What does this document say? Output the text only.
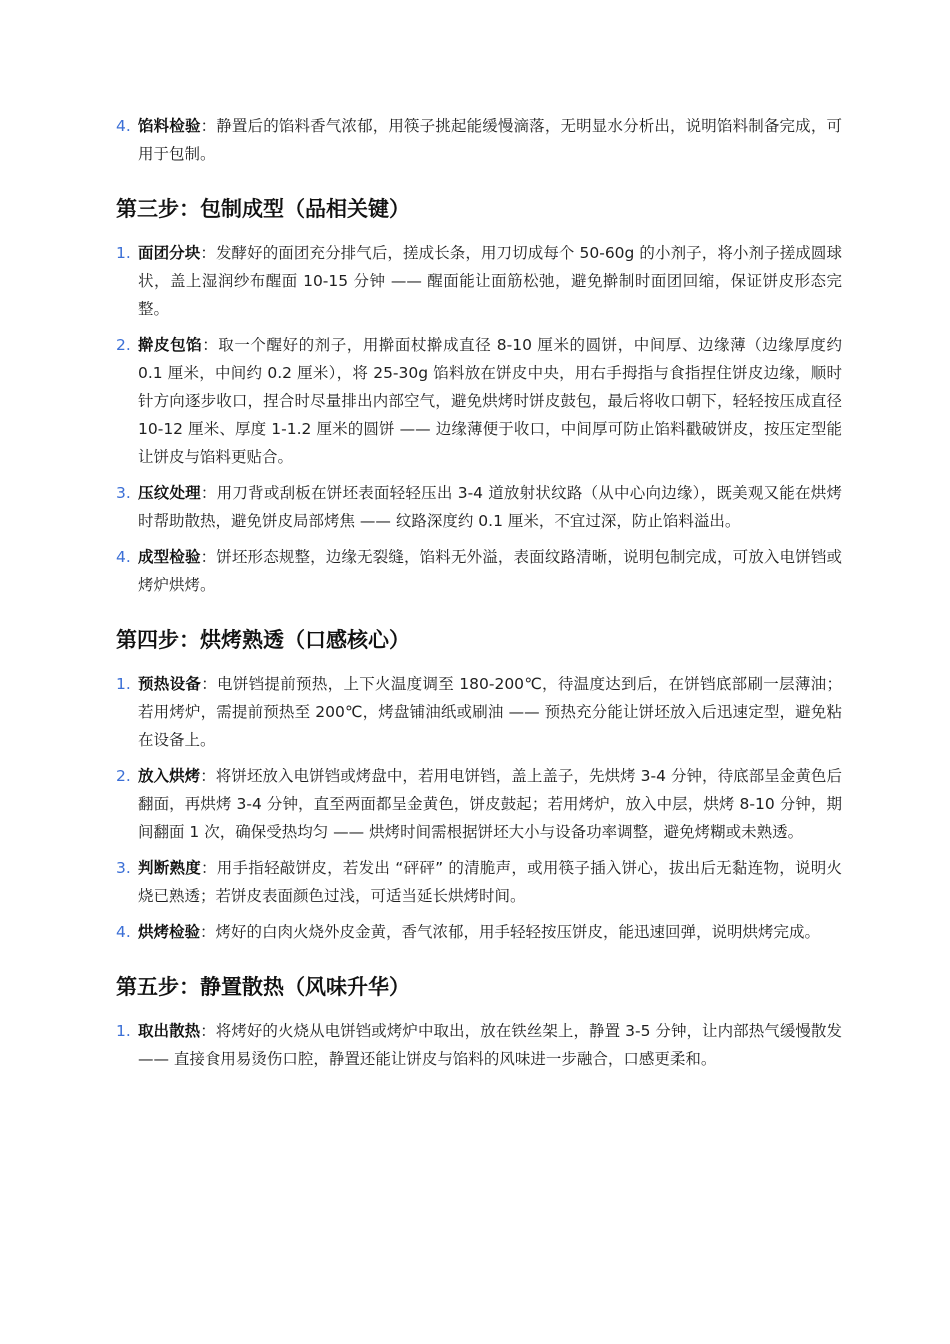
4. 馅料检验：静置后的馅料香气浓郁，用筷子挑起能缓慢滴落，无明显水分析出，说明馅料制备完成，可用于包制。
第三步：包制成型（品相关键）
1. 面团分块：发酵好的面团充分排气后，搓成长条，用刀切成每个 50-60g 的小剂子，将小剂子搓成圆球状，盖上湿润纱布醒面 10-15 分钟 —— 醒面能让面筋松弛，避免擀制时面团回缩，保证饼皮形态完整。
2. 擀皮包馅：取一个醒好的剂子，用擀面杖擀成直径 8-10 厘米的圆饼，中间厚、边缘薄（边缘厚度约 0.1 厘米，中间约 0.2 厘米），将 25-30g 馅料放在饼皮中央，用右手拇指与食指捏住饼皮边缘，顺时针方向逐步收口，捏合时尽量排出内部空气，避免烘烤时饼皮鼓包，最后将收口朝下，轻轻按压成直径 10-12 厘米、厚度 1-1.2 厘米的圆饼 —— 边缘薄便于收口，中间厚可防止馅料戳破饼皮，按压定型能让饼皮与馅料更贴合。
3. 压纹处理：用刀背或刮板在饼坯表面轻轻压出 3-4 道放射状纹路（从中心向边缘），既美观又能在烘烤时帮助散热，避免饼皮局部烤焦 —— 纹路深度约 0.1 厘米，不宜过深，防止馅料溢出。
4. 成型检验：饼坯形态规整，边缘无裂缝，馅料无外溢，表面纹路清晰，说明包制完成，可放入电饼铛或烤炉烘烤。
第四步：烘烤熟透（口感核心）
1. 预热设备：电饼铛提前预热，上下火温度调至 180-200℃，待温度达到后，在饼铛底部刷一层薄油；若用烤炉，需提前预热至 200℃，烤盘铺油纸或刷油 —— 预热充分能让饼坯放入后迅速定型，避免粘在设备上。
2. 放入烘烤：将饼坯放入电饼铛或烤盘中，若用电饼铛，盖上盖子，先烘烤 3-4 分钟，待底部呈金黄色后翻面，再烘烤 3-4 分钟，直至两面都呈金黄色，饼皮鼓起；若用烤炉，放入中层，烘烤 8-10 分钟，期间翻面 1 次，确保受热均匀 —— 烘烤时间需根据饼坯大小与设备功率调整，避免烤糊或未熟透。
3. 判断熟度：用手指轻敲饼皮，若发出 “砰砰” 的清脆声，或用筷子插入饼心，拔出后无黏连物，说明火烧已熟透；若饼皮表面颜色过浅，可适当延长烘烤时间。
4. 烘烤检验：烤好的白肉火烧外皮金黄，香气浓郁，用手轻轻按压饼皮，能迅速回弹，说明烘烤完成。
第五步：静置散热（风味升华）
1. 取出散热：将烤好的火烧从电饼铛或烤炉中取出，放在铁丝架上，静置 3-5 分钟，让内部热气缓慢散发 —— 直接食用易烫伤口腔，静置还能让饼皮与馅料的风味进一步融合，口感更柔和。
